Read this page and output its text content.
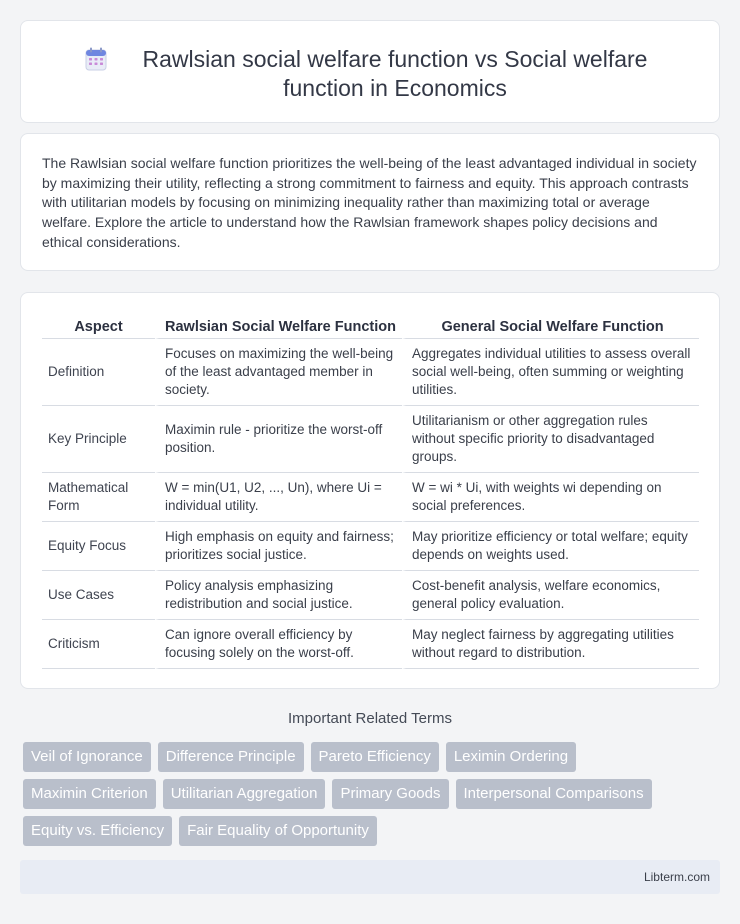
Rawlsian social welfare function vs Social welfare function in Economics

The Rawlsian social welfare function prioritizes the well-being of the least advantaged individual in society by maximizing their utility, reflecting a strong commitment to fairness and equity. This approach contrasts with utilitarian models by focusing on minimizing inequality rather than maximizing total or average welfare. Explore the article to understand how the Rawlsian framework shapes policy decisions and ethical considerations.

Aspect	Rawlsian Social Welfare Function	General Social Welfare Function
Definition	Focuses on maximizing the well-being of the least advantaged member in society.	Aggregates individual utilities to assess overall social well-being, often summing or weighting utilities.
Key Principle	Maximin rule - prioritize the worst-off position.	Utilitarianism or other aggregation rules without specific priority to disadvantaged groups.
Mathematical Form	W = min(U1, U2, ..., Un), where Ui = individual utility.	W = wi * Ui, with weights wi depending on social preferences.
Equity Focus	High emphasis on equity and fairness; prioritizes social justice.	May prioritize efficiency or total welfare; equity depends on weights used.
Use Cases	Policy analysis emphasizing redistribution and social justice.	Cost-benefit analysis, welfare economics, general policy evaluation.
Criticism	Can ignore overall efficiency by focusing solely on the worst-off.	May neglect fairness by aggregating utilities without regard to distribution.
Important Related Terms
Veil of Ignorance	Difference Principle	Pareto Efficiency	Leximin Ordering
Maximin Criterion	Utilitarian Aggregation	Primary Goods	Interpersonal Comparisons
Equity vs. Efficiency	Fair Equality of Opportunity
Libterm.com
